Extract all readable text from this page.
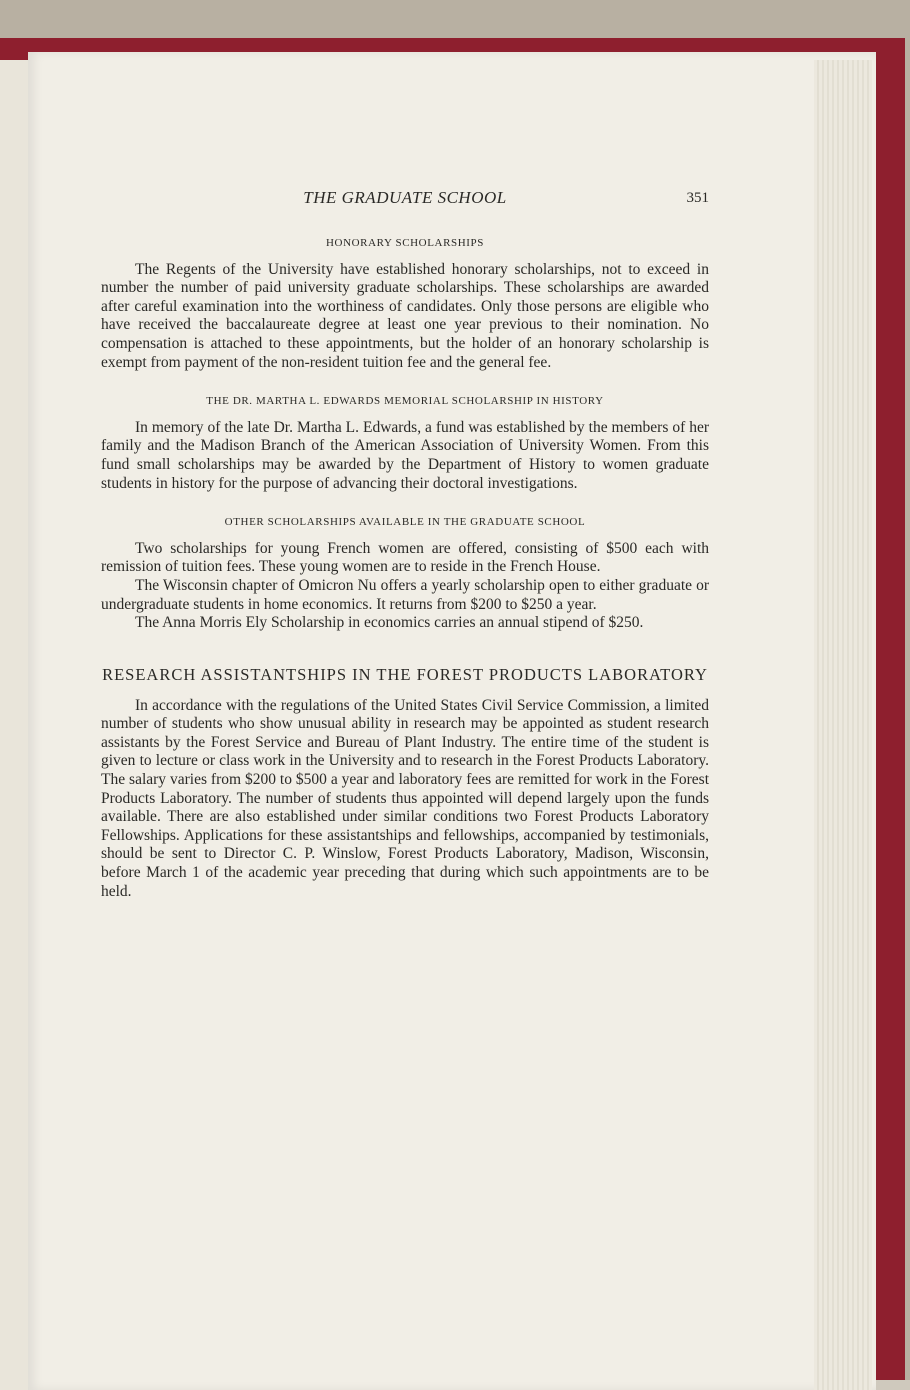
THE GRADUATE SCHOOL	351
HONORARY SCHOLARSHIPS

The Regents of the University have established honorary scholarships, not to exceed in number the number of paid university graduate scholarships. These scholarships are awarded after careful examination into the worthiness of candidates. Only those persons are eligible who have received the baccalaureate degree at least one year previous to their nomination. No compensation is attached to these appointments, but the holder of an honorary scholarship is exempt from payment of the non-resident tuition fee and the general fee.

THE DR. MARTHA L. EDWARDS MEMORIAL SCHOLARSHIP IN HISTORY

In memory of the late Dr. Martha L. Edwards, a fund was established by the members of her family and the Madison Branch of the American Association of University Women. From this fund small scholarships may be awarded by the Department of History to women graduate students in history for the purpose of advancing their doctoral investigations.

OTHER SCHOLARSHIPS AVAILABLE IN THE GRADUATE SCHOOL

Two scholarships for young French women are offered, consisting of $500 each with remission of tuition fees. These young women are to reside in the French House.

The Wisconsin chapter of Omicron Nu offers a yearly scholarship open to either graduate or undergraduate students in home economics. It returns from $200 to $250 a year.

The Anna Morris Ely Scholarship in economics carries an annual stipend of $250.

RESEARCH ASSISTANTSHIPS IN THE FOREST PRODUCTS LABORATORY

In accordance with the regulations of the United States Civil Service Commission, a limited number of students who show unusual ability in research may be appointed as student research assistants by the Forest Service and Bureau of Plant Industry. The entire time of the student is given to lecture or class work in the University and to research in the Forest Products Laboratory. The salary varies from $200 to $500 a year and laboratory fees are remitted for work in the Forest Products Laboratory. The number of students thus appointed will depend largely upon the funds available. There are also established under similar conditions two Forest Products Laboratory Fellowships. Applications for these assistantships and fellowships, accompanied by testimonials, should be sent to Director C. P. Winslow, Forest Products Laboratory, Madison, Wisconsin, before March 1 of the academic year preceding that during which such appointments are to be held.
